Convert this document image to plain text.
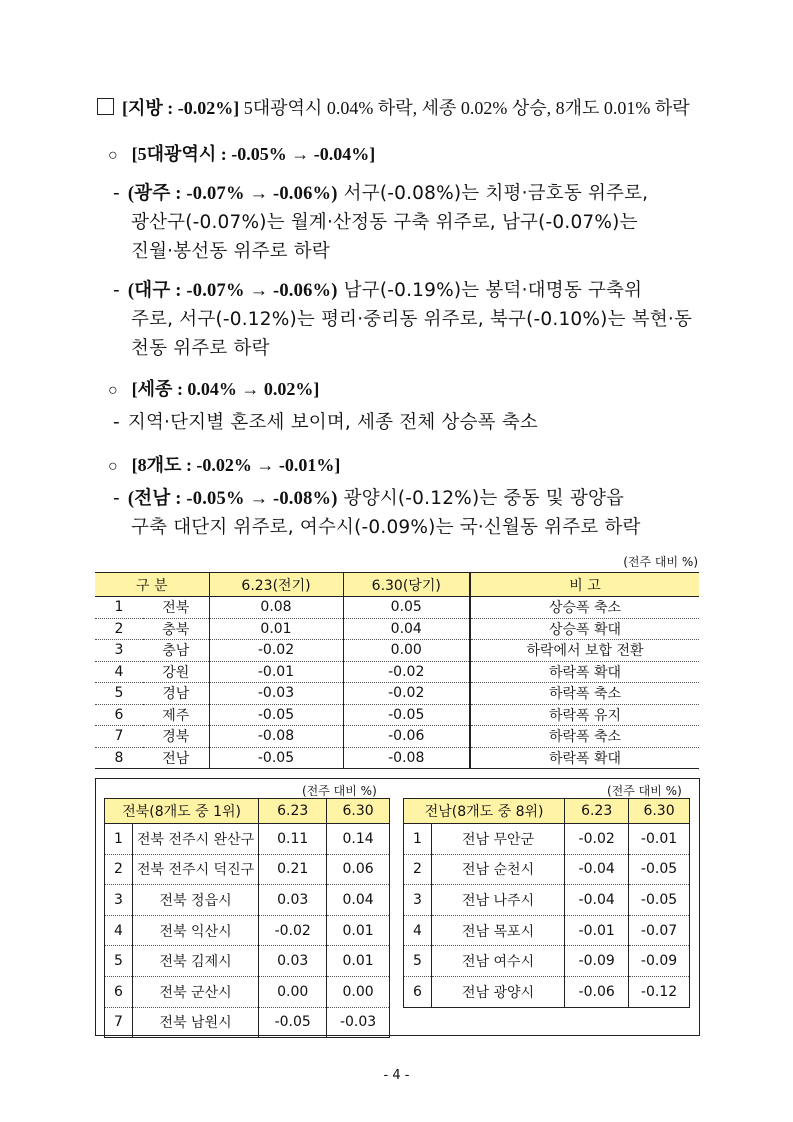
[지방 : -0.02%] 5대광역시 0.04% 하락, 세종 0.02% 상승, 8개도 0.01% 하락
○ [5대광역시 : -0.05% → -0.04%]
- (광주 : -0.07% → -0.06%) 서구(-0.08%)는 치평·금호동 위주로,
광산구(-0.07%)는 월계·산정동 구축 위주로, 남구(-0.07%)는
진월·봉선동 위주로 하락
- (대구 : -0.07% → -0.06%) 남구(-0.19%)는 봉덕·대명동 구축위
주로, 서구(-0.12%)는 평리·중리동 위주로, 북구(-0.10%)는 복현·동
천동 위주로 하락
○ [세종 : 0.04% → 0.02%]
- 지역·단지별 혼조세 보이며, 세종 전체 상승폭 축소
○ [8개도 : -0.02% → -0.01%]
- (전남 : -0.05% → -0.08%) 광양시(-0.12%)는 중동 및 광양읍
구축 대단지 위주로, 여수시(-0.09%)는 국·신월동 위주로 하락
(전주 대비 %)
구 분		6.23(전기)	6.30(당기)	비 고
1	전북	0.08	0.05	상승폭 축소
2	충북	0.01	0.04	상승폭 확대
3	충남	-0.02	0.00	하락에서 보합 전환
4	강원	-0.01	-0.02	하락폭 확대
5	경남	-0.03	-0.02	하락폭 축소
6	제주	-0.05	-0.05	하락폭 유지
7	경북	-0.08	-0.06	하락폭 축소
8	전남	-0.05	-0.08	하락폭 확대
(전주 대비 %)
전북(8개도 중 1위)		6.23	6.30
1	전북 전주시 완산구	0.11	0.14
2	전북 전주시 덕진구	0.21	0.06
3	전북 정읍시	0.03	0.04
4	전북 익산시	-0.02	0.01
5	전북 김제시	0.03	0.01
6	전북 군산시	0.00	0.00
7	전북 남원시	-0.05	-0.03
(전주 대비 %)
전남(8개도 중 8위)		6.23	6.30
1	전남 무안군	-0.02	-0.01
2	전남 순천시	-0.04	-0.05
3	전남 나주시	-0.04	-0.05
4	전남 목포시	-0.01	-0.07
5	전남 여수시	-0.09	-0.09
6	전남 광양시	-0.06	-0.12
- 4 -
